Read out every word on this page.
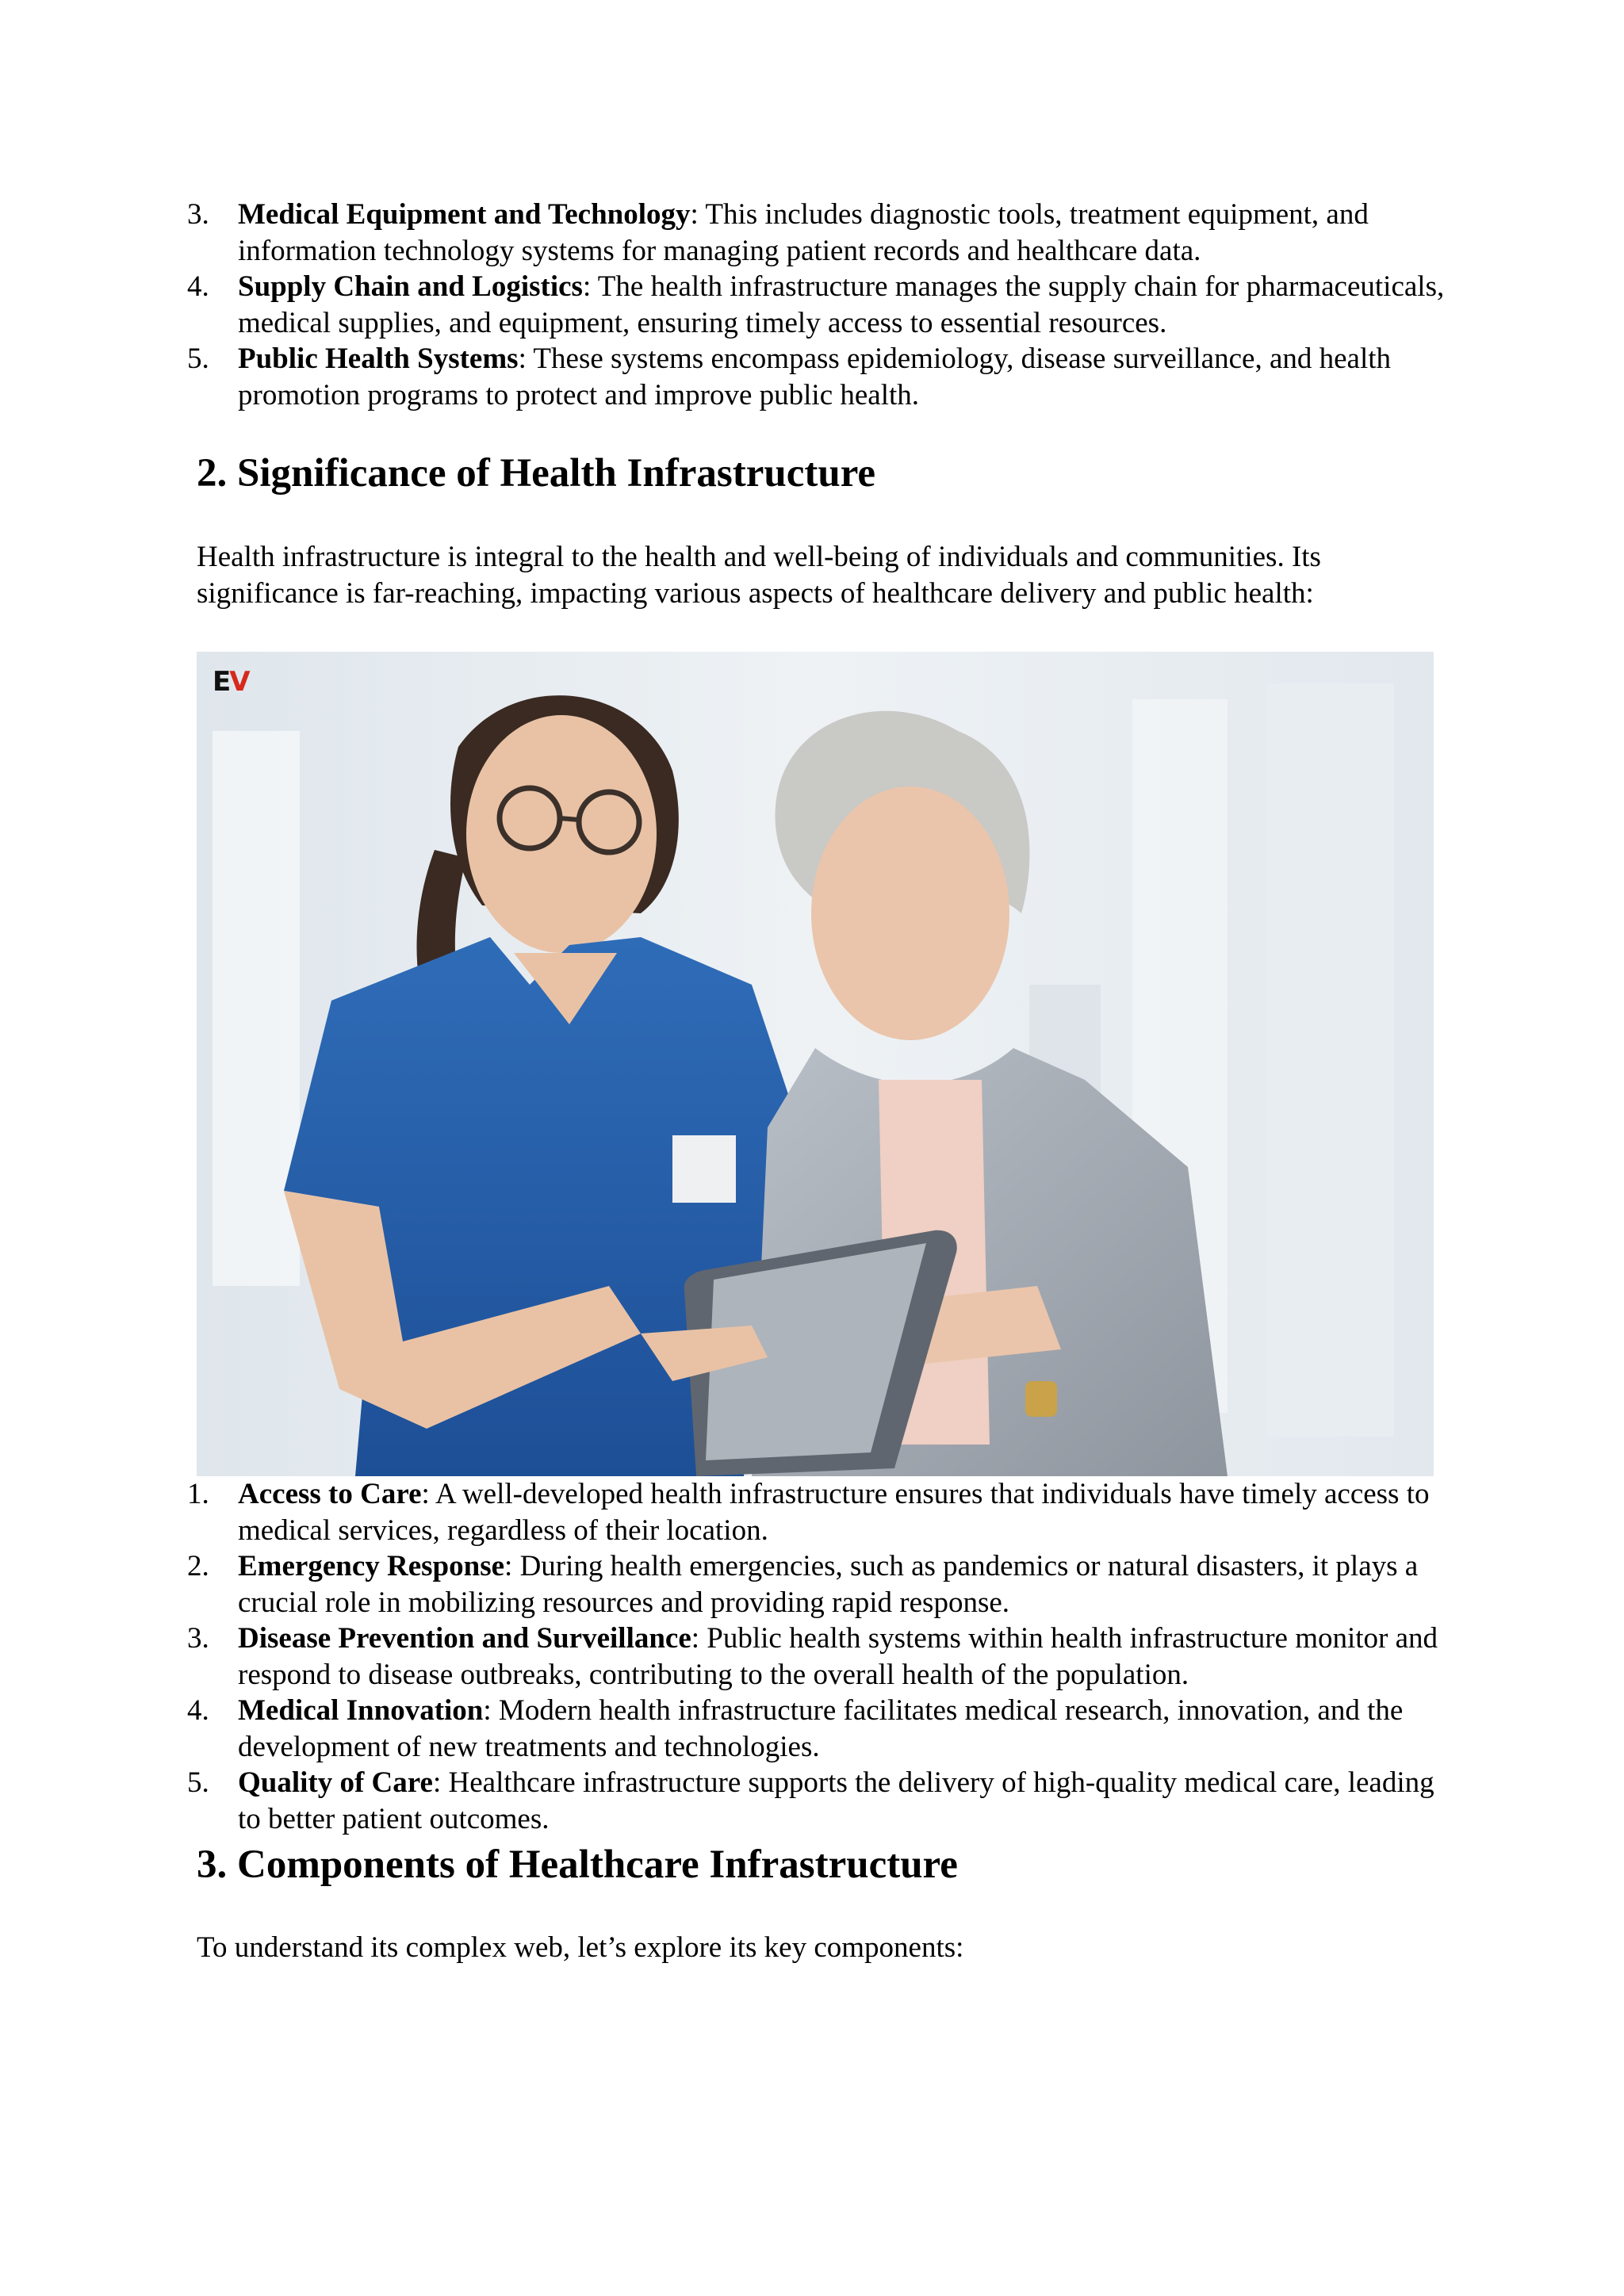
3. Medical Equipment and Technology: This includes diagnostic tools, treatment equipment, and information technology systems for managing patient records and healthcare data.
4. Supply Chain and Logistics: The health infrastructure manages the supply chain for pharmaceuticals, medical supplies, and equipment, ensuring timely access to essential resources.
5. Public Health Systems: These systems encompass epidemiology, disease surveillance, and health promotion programs to protect and improve public health.
2. Significance of Health Infrastructure

Health infrastructure is integral to the health and well-being of individuals and communities. Its significance is far-reaching, impacting various aspects of healthcare delivery and public health:

EV
1. Access to Care: A well-developed health infrastructure ensures that individuals have timely access to medical services, regardless of their location.
2. Emergency Response: During health emergencies, such as pandemics or natural disasters, it plays a crucial role in mobilizing resources and providing rapid response.
3. Disease Prevention and Surveillance: Public health systems within health infrastructure monitor and respond to disease outbreaks, contributing to the overall health of the population.
4. Medical Innovation: Modern health infrastructure facilitates medical research, innovation, and the development of new treatments and technologies.
5. Quality of Care: Healthcare infrastructure supports the delivery of high-quality medical care, leading to better patient outcomes.
3. Components of Healthcare Infrastructure

To understand its complex web, let’s explore its key components:
